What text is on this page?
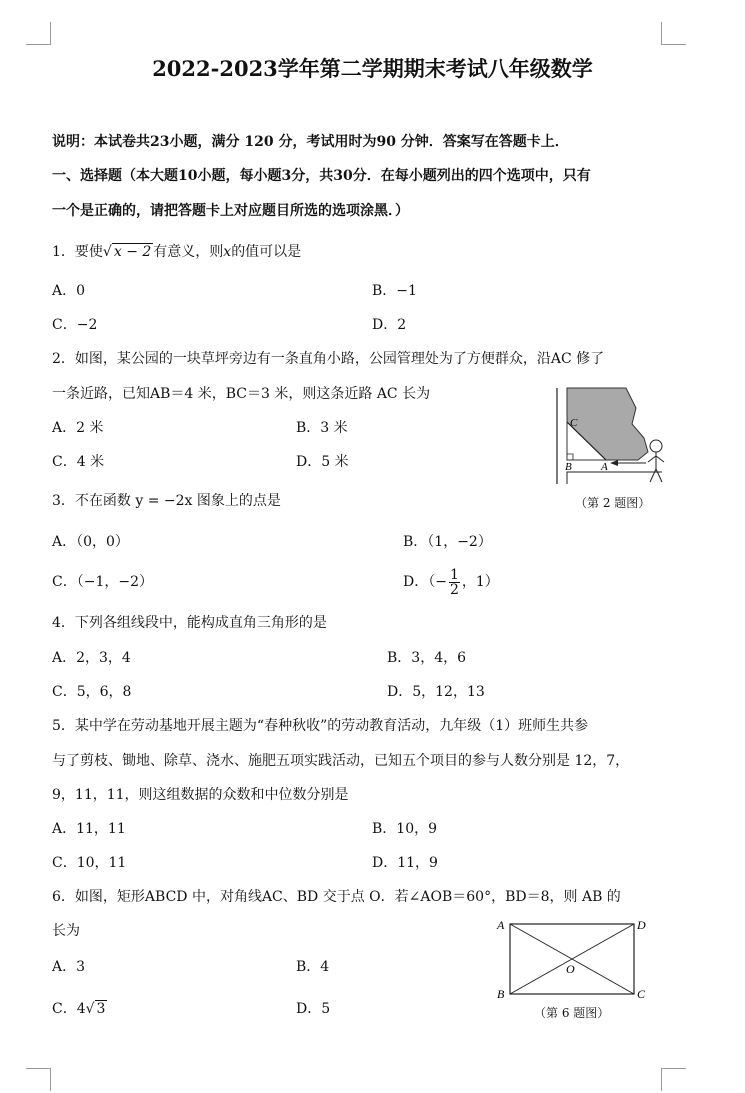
2022-2023学年第二学期期末考试八年级数学
说明：本试卷共23小题，满分 120 分，考试用时为90 分钟．答案写在答题卡上．
一、选择题（本大题10小题，每小题3分，共30分．在每小题列出的四个选项中，只有
一个是正确的，请把答题卡上对应题目所选的选项涂黑．）
1．要使√ x − 2 有意义，则x的值可以是
A．0	B．−1
C．−2	D．2
2．如图，某公园的一块草坪旁边有一条直角小路，公园管理处为了方便群众，沿AC 修了
一条近路，已知AB＝4 米，BC＝3 米，则这条近路 AC 长为
A．2 米	B．3 米
C．4 米	D．5 米
C
B	A
（第 2 题图）
3．不在函数 y = −2x 图象上的点是
A．（0，0）	B．（1，−2）
C．（−1，−2）	D．（− $\frac{1}{2}$ ，1）
4．下列各组线段中，能构成直角三角形的是
A．2，3，4	B．3，4，6
C．5，6，8	D．5，12，13
5．某中学在劳动基地开展主题为“春种秋收”的劳动教育活动，九年级（1）班师生共参
与了剪枝、锄地、除草、浇水、施肥五项实践活动，已知五个项目的参与人数分别是 12，7，
9，11，11，则这组数据的众数和中位数分别是
A．11，11	B．10，9
C．10，11	D．11，9
6．如图，矩形ABCD 中，对角线AC、BD 交于点 O．若∠AOB＝60°，BD＝8，则 AB 的
长为
A．3	B．4
C．4√ 3	D．5
A
B	C
D
O
（第 6 题图）
